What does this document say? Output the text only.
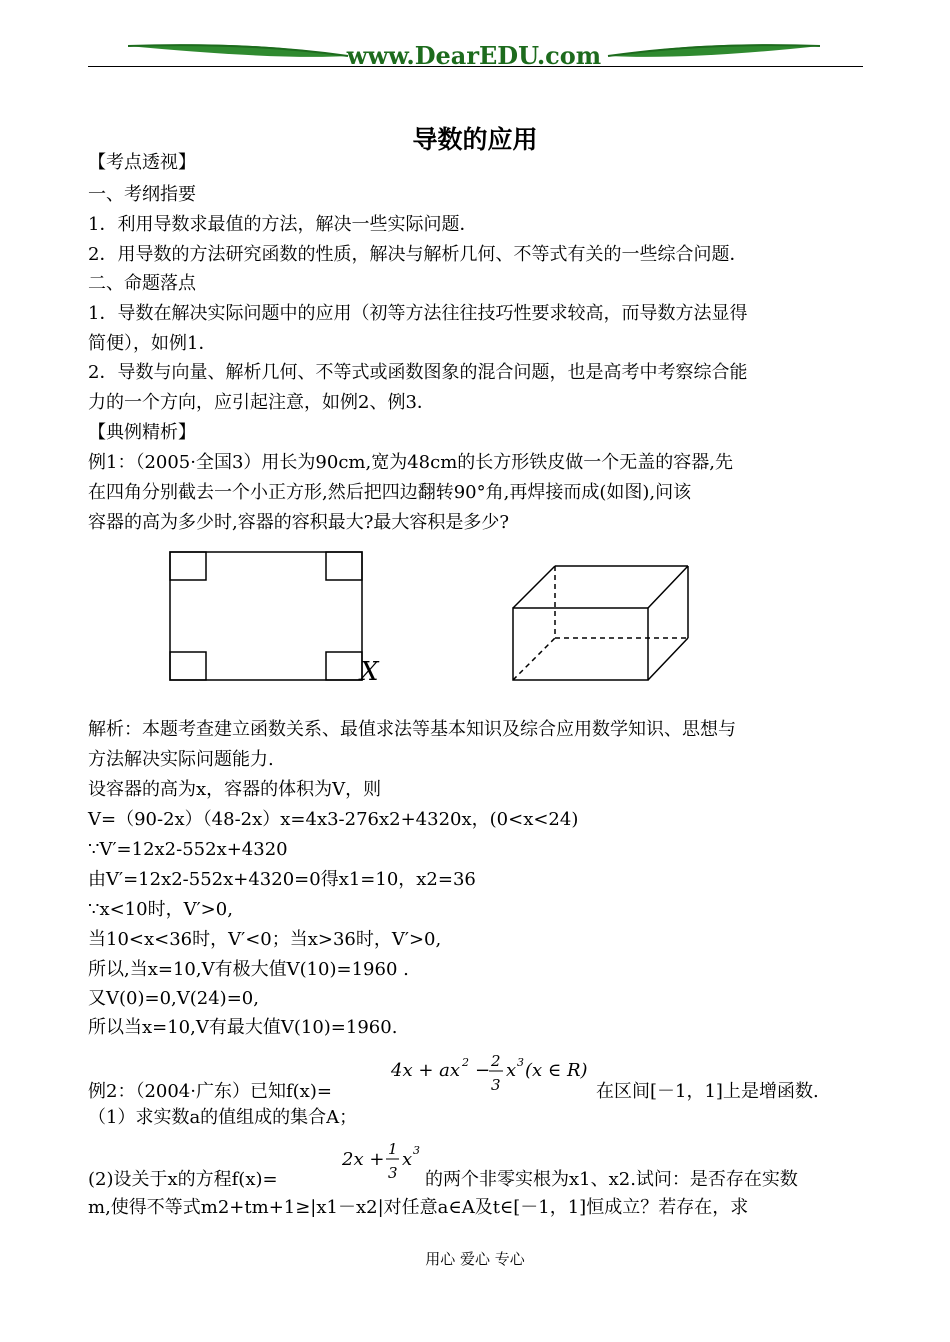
www.DearEDU.com
导数的应用
【考点透视】
一、考纲指要
1．利用导数求最值的方法，解决一些实际问题．
2．用导数的方法研究函数的性质，解决与解析几何、不等式有关的一些综合问题．
二、命题落点
1．导数在解决实际问题中的应用（初等方法往往技巧性要求较高，而导数方法显得
简便），如例1．
2．导数与向量、解析几何、不等式或函数图象的混合问题，也是高考中考察综合能
力的一个方向，应引起注意，如例2、例3．
【典例精析】
例1：（2005·全国3）用长为90cm,宽为48cm的长方形铁皮做一个无盖的容器,先
在四角分别截去一个小正方形,然后把四边翻转90°角,再焊接而成(如图),问该
容器的高为多少时,容器的容积最大?最大容积是多少?
X
解析：本题考查建立函数关系、最值求法等基本知识及综合应用数学知识、思想与
方法解决实际问题能力.
设容器的高为x，容器的体积为V，则
V=（90-2x）（48-2x）x=4x3-276x2+4320x，(0<x<24)
∵V′=12x2-552x+4320
由V′=12x2-552x+4320=0得x1=10，x2=36
∵x<10时，V′>0,
当10<x<36时，V′<0；当x>36时，V′>0,
所以,当x=10,V有极大值V(10)=1960 .
又V(0)=0,V(24)=0,
所以当x=10,V有最大值V(10)=1960.
例2：（2004·广东）已知f(x)=
4x + ax 2 − 2
3
x 3 (x ∈ R)
在区间[－1，1]上是增函数.
（1）求实数a的值组成的集合A；
(2)设关于x的方程f(x)=
2x + 1
3
x 3
的两个非零实根为x1、x2.试问：是否存在实数
m,使得不等式m2+tm+1≥|x1－x2|对任意a∈A及t∈[－1，1]恒成立？若存在，求
用心 爱心 专心
